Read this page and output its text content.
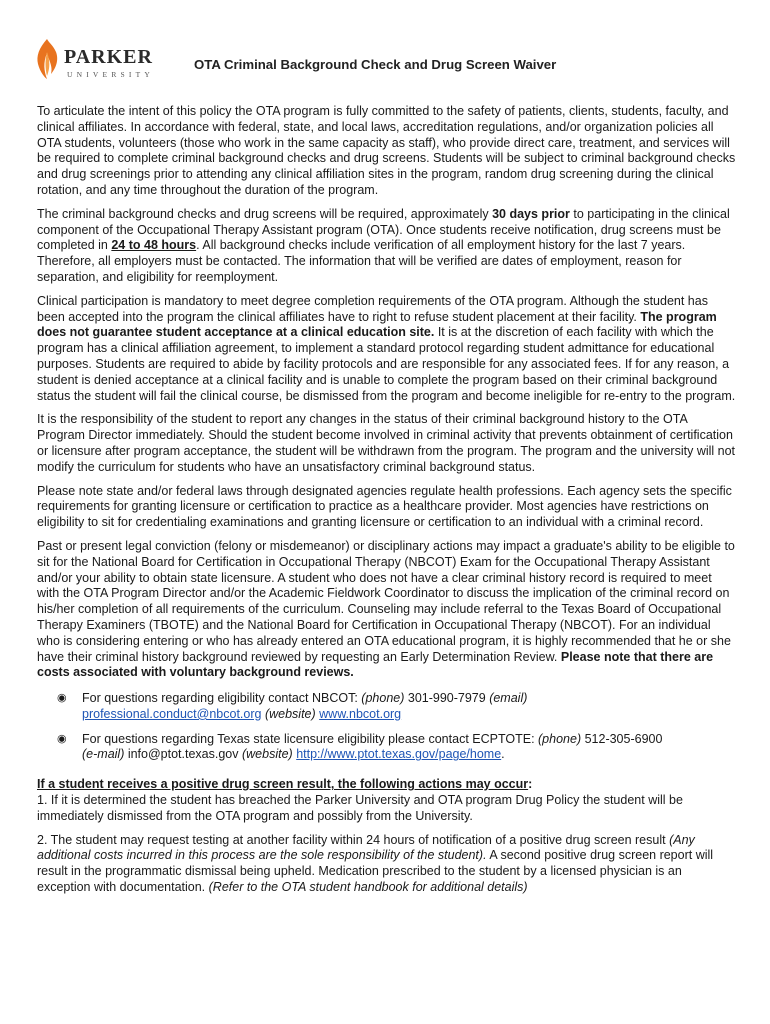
PARKER
UNIVERSITY
OTA Criminal Background Check and Drug Screen Waiver

To articulate the intent of this policy the OTA program is fully committed to the safety of patients, clients, students, faculty, and clinical affiliates. In accordance with federal, state, and local laws, accreditation regulations, and/or organization policies all OTA students, volunteers (those who work in the same capacity as staff), who provide direct care, treatment, and services will be required to complete criminal background checks and drug screens. Students will be subject to criminal background checks and drug screenings prior to attending any clinical affiliation sites in the program, random drug screening during the clinical rotation, and any time throughout the duration of the program.

The criminal background checks and drug screens will be required, approximately 30 days prior to participating in the clinical component of the Occupational Therapy Assistant program (OTA). Once students receive notification, drug screens must be completed in 24 to 48 hours. All background checks include verification of all employment history for the last 7 years. Therefore, all employers must be contacted. The information that will be verified are dates of employment, reason for separation, and eligibility for reemployment.

Clinical participation is mandatory to meet degree completion requirements of the OTA program. Although the student has been accepted into the program the clinical affiliates have to right to refuse student placement at their facility. The program does not guarantee student acceptance at a clinical education site. It is at the discretion of each facility with which the program has a clinical affiliation agreement, to implement a standard protocol regarding student admittance for educational purposes. Students are required to abide by facility protocols and are responsible for any associated fees. If for any reason, a student is denied acceptance at a clinical facility and is unable to complete the program based on their criminal background status the student will fail the clinical course, be dismissed from the program and become ineligible for re-entry to the program.

It is the responsibility of the student to report any changes in the status of their criminal background history to the OTA Program Director immediately. Should the student become involved in criminal activity that prevents obtainment of certification or licensure after program acceptance, the student will be withdrawn from the program. The program and the university will not modify the curriculum for students who have an unsatisfactory criminal background status.

Please note state and/or federal laws through designated agencies regulate health professions. Each agency sets the specific requirements for granting licensure or certification to practice as a healthcare provider. Most agencies have restrictions on eligibility to sit for credentialing examinations and granting licensure or certification to an individual with a criminal record.

Past or present legal conviction (felony or misdemeanor) or disciplinary actions may impact a graduate's ability to be eligible to sit for the National Board for Certification in Occupational Therapy (NBCOT) Exam for the Occupational Therapy Assistant and/or your ability to obtain state licensure. A student who does not have a clear criminal history record is required to meet with the OTA Program Director and/or the Academic Fieldwork Coordinator to discuss the implication of the criminal record on his/her completion of all requirements of the curriculum. Counseling may include referral to the Texas Board of Occupational Therapy Examiners (TBOTE) and the National Board for Certification in Occupational Therapy (NBCOT). For an individual who is considering entering or who has already entered an OTA educational program, it is highly recommended that he or she have their criminal history background reviewed by requesting an Early Determination Review. Please note that there are costs associated with voluntary background reviews.

◉ For questions regarding eligibility contact NBCOT: (phone) 301-990-7979 (email)
professional.conduct@nbcot.org (website) www.nbcot.org
◉ For questions regarding Texas state licensure eligibility please contact ECPTOTE: (phone) 512-305-6900
(e-mail) info@ptot.texas.gov (website) http://www.ptot.texas.gov/page/home.
If a student receives a positive drug screen result, the following actions may occur:

1. If it is determined the student has breached the Parker University and OTA program Drug Policy the student will be immediately dismissed from the OTA program and possibly from the University.

2. The student may request testing at another facility within 24 hours of notification of a positive drug screen result (Any additional costs incurred in this process are the sole responsibility of the student). A second positive drug screen report will result in the programmatic dismissal being upheld. Medication prescribed to the student by a licensed physician is an exception with documentation. (Refer to the OTA student handbook for additional details)
